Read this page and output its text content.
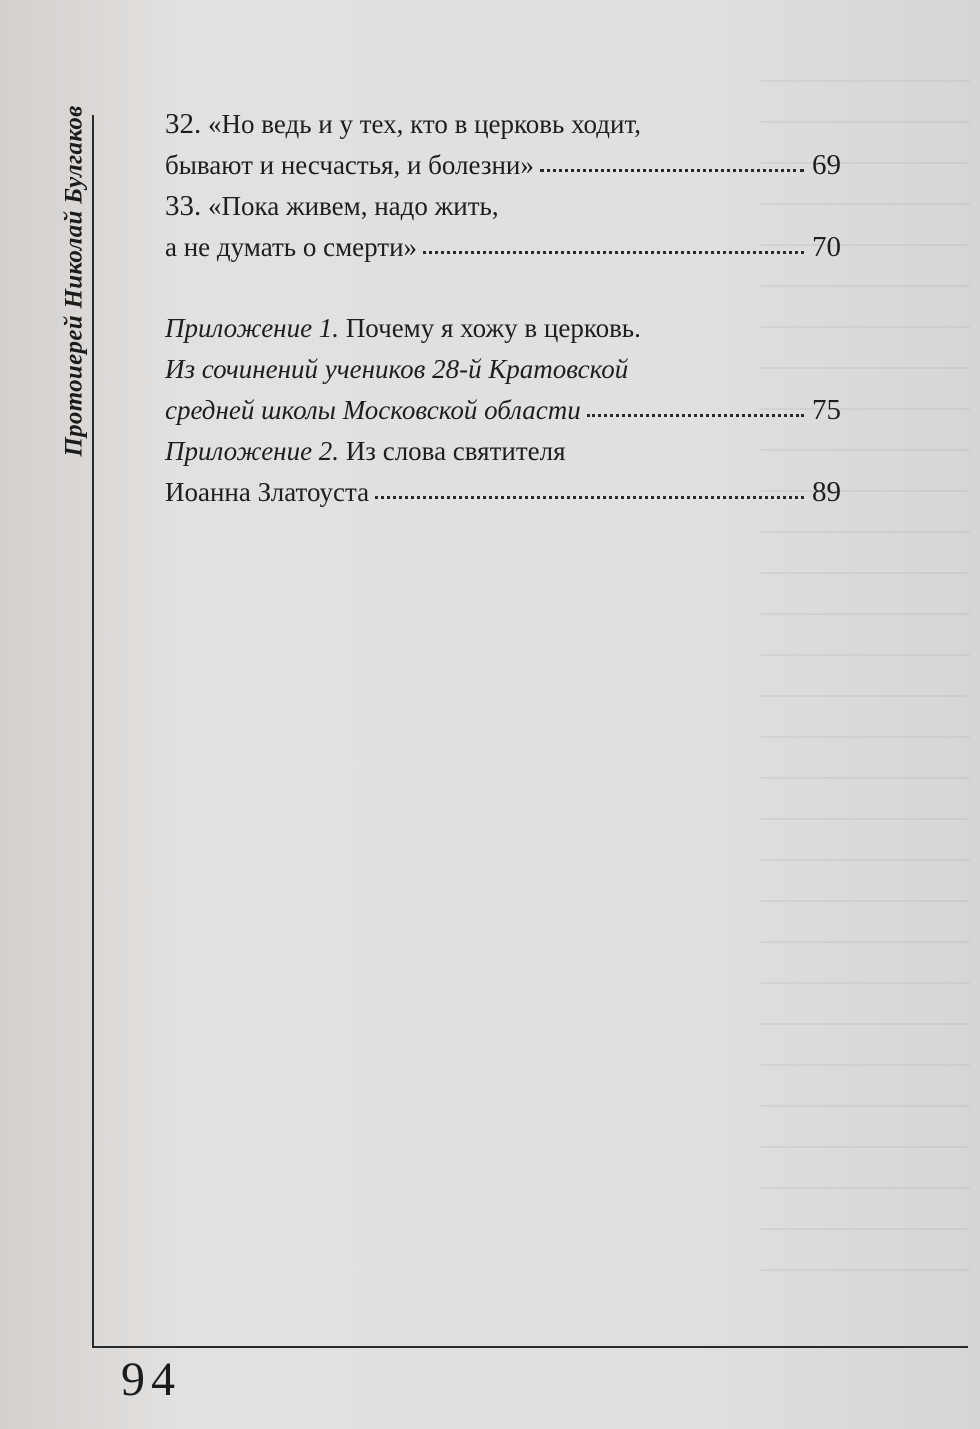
Протоиерей Николай Булгаков
94
32. «Но ведь и у тех, кто в церковь ходит,
бывают и несчастья, и болезни»	69
33. «Пока живем, надо жить,
а не думать о смерти»	70
Приложение 1. Почему я хожу в церковь.
Из сочинений учеников 28-й Кратовской
средней школы Московской области	75
Приложение 2. Из слова святителя
Иоанна Златоуста	89
